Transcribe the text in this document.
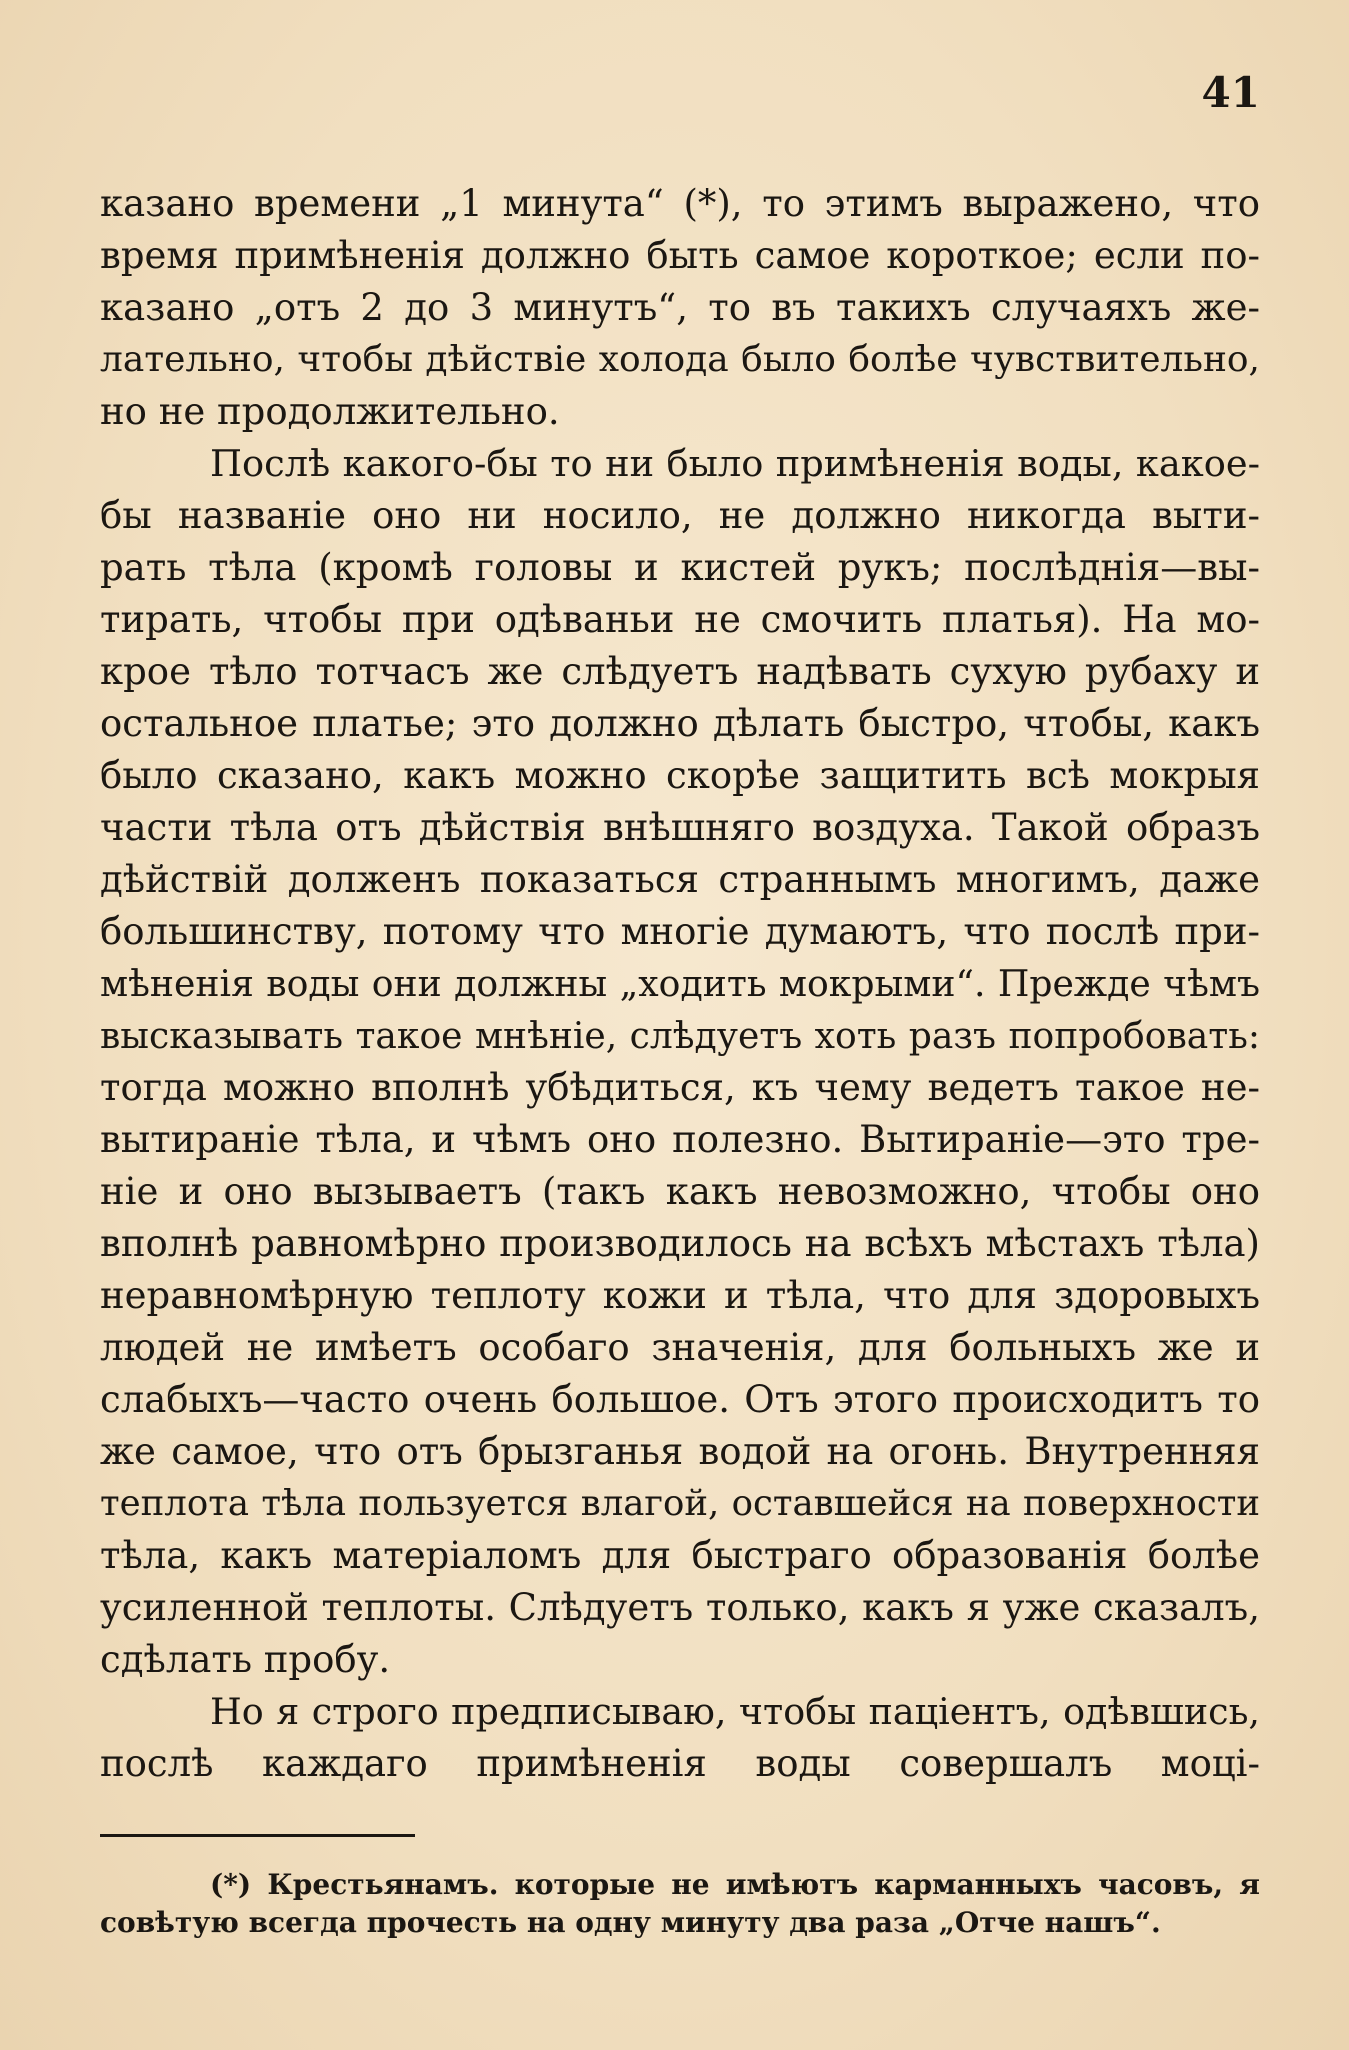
41
казано времени „1 минута“ (*), то этимъ выражено, что
время примѣненія должно быть самое короткое; если по-
казано „отъ 2 до 3 минутъ“, то въ такихъ случаяхъ же-
лательно, чтобы дѣйствіе холода было болѣе чувствительно,
но не продолжительно.
Послѣ какого-бы то ни было примѣненія воды, какое-
бы названіе оно ни носило, не должно никогда выти-
рать тѣла (кромѣ головы и кистей рукъ; послѣднія—вы-
тирать, чтобы при одѣваньи не смочить платья). На мо-
крое тѣло тотчасъ же слѣдуетъ надѣвать сухую рубаху и
остальное платье; это должно дѣлать быстро, чтобы, какъ
было сказано, какъ можно скорѣе защитить всѣ мокрыя
части тѣла отъ дѣйствія внѣшняго воздуха. Такой образъ
дѣйствій долженъ показаться страннымъ многимъ, даже
большинству, потому что многіе думаютъ, что послѣ при-
мѣненія воды они должны „ходить мокрыми“. Прежде чѣмъ
высказывать такое мнѣніе, слѣдуетъ хоть разъ попробовать:
тогда можно вполнѣ убѣдиться, къ чему ведетъ такое не-
вытираніе тѣла, и чѣмъ оно полезно. Вытираніе—это тре-
ніе и оно вызываетъ (такъ какъ невозможно, чтобы оно
вполнѣ равномѣрно производилось на всѣхъ мѣстахъ тѣла)
неравномѣрную теплоту кожи и тѣла, что для здоровыхъ
людей не имѣетъ особаго значенія, для больныхъ же и
слабыхъ—часто очень большое. Отъ этого происходитъ то
же самое, что отъ брызганья водой на огонь. Внутренняя
теплота тѣла пользуется влагой, оставшейся на поверхности
тѣла, какъ матеріаломъ для быстраго образованія болѣе
усиленной теплоты. Слѣдуетъ только, какъ я уже сказалъ,
сдѣлать пробу.
Но я строго предписываю, чтобы паціентъ, одѣвшись,
послѣ каждаго примѣненія воды совершалъ моці-
(*) Крестьянамъ. которые не имѣютъ карманныхъ часовъ, я
совѣтую всегда прочесть на одну минуту два раза „Отче нашъ“.
